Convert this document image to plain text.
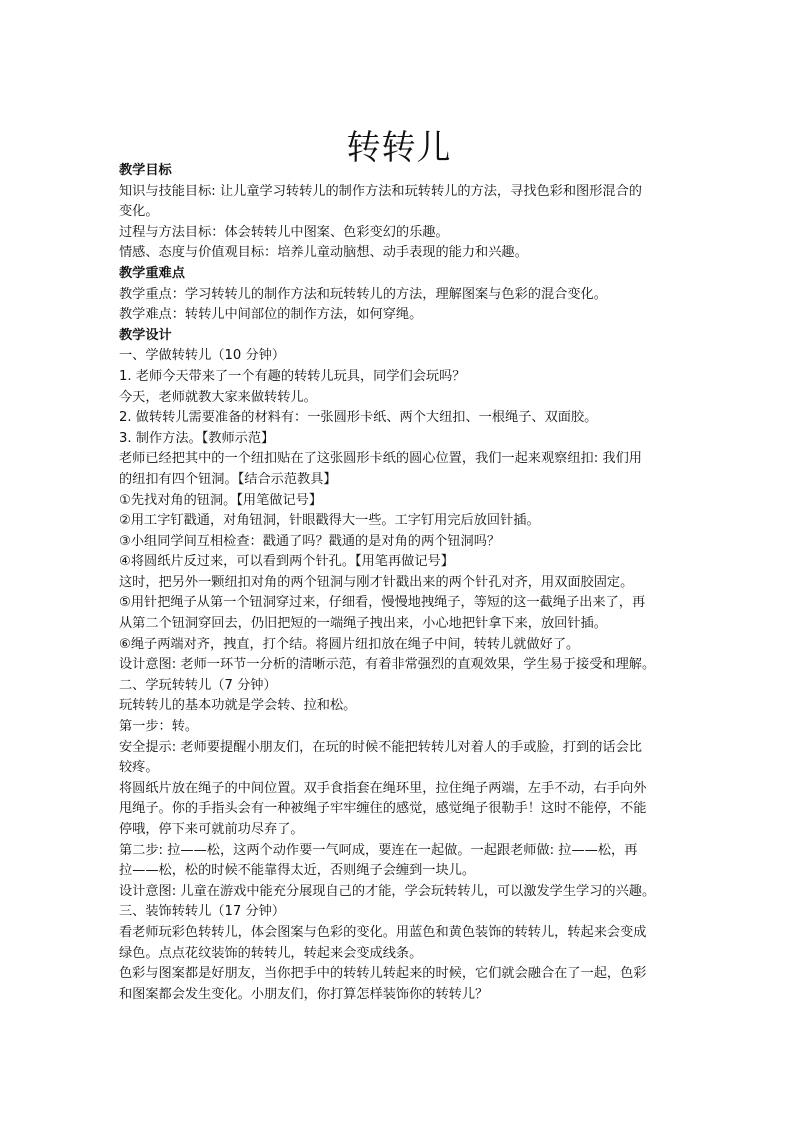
转转儿
教学目标
知识与技能目标: 让儿童学习转转儿的制作方法和玩转转儿的方法，寻找色彩和图形混合的
变化。
过程与方法目标：体会转转儿中图案、色彩变幻的乐趣。
情感、态度与价值观目标：培养儿童动脑想、动手表现的能力和兴趣。
教学重难点
教学重点：学习转转儿的制作方法和玩转转儿的方法，理解图案与色彩的混合变化。
教学难点：转转儿中间部位的制作方法，如何穿绳。
教学设计
一、学做转转儿（10 分钟）
1. 老师今天带来了一个有趣的转转儿玩具，同学们会玩吗？
今天，老师就教大家来做转转儿。
2. 做转转儿需要准备的材料有：一张圆形卡纸、两个大纽扣、一根绳子、双面胶。
3. 制作方法。【教师示范】
老师已经把其中的一个纽扣贴在了这张圆形卡纸的圆心位置，我们一起来观察纽扣: 我们用
的纽扣有四个钮洞。【结合示范教具】
①先找对角的钮洞。【用笔做记号】
②用工字钉戳通，对角钮洞，针眼戳得大一些。工字钉用完后放回针插。
③小组同学间互相检查：戳通了吗？戳通的是对角的两个钮洞吗？
④将圆纸片反过来，可以看到两个针孔。【用笔再做记号】
这时，把另外一颗纽扣对角的两个钮洞与刚才针戳出来的两个针孔对齐，用双面胶固定。
⑤用针把绳子从第一个钮洞穿过来，仔细看，慢慢地拽绳子，等短的这一截绳子出来了，再
从第二个钮洞穿回去，仍旧把短的一端绳子拽出来，小心地把针拿下来，放回针插。
⑥绳子两端对齐，拽直，打个结。将圆片纽扣放在绳子中间，转转儿就做好了。
设计意图: 老师一环节一分析的清晰示范，有着非常强烈的直观效果，学生易于接受和理解。
二、学玩转转儿（7 分钟）
玩转转儿的基本功就是学会转、拉和松。
第一步：转。
安全提示: 老师要提醒小朋友们，在玩的时候不能把转转儿对着人的手或脸，打到的话会比
较疼。
将圆纸片放在绳子的中间位置。双手食指套在绳环里，拉住绳子两端，左手不动，右手向外
甩绳子。你的手指头会有一种被绳子牢牢缠住的感觉，感觉绳子很勒手！这时不能停，不能
停哦，停下来可就前功尽弃了。
第二步: 拉——松，这两个动作要一气呵成，要连在一起做。一起跟老师做: 拉——松，再
拉——松，松的时候不能靠得太近，否则绳子会缠到一块儿。
设计意图: 儿童在游戏中能充分展现自己的才能，学会玩转转儿，可以激发学生学习的兴趣。
三、装饰转转儿（17 分钟）
看老师玩彩色转转儿，体会图案与色彩的变化。用蓝色和黄色装饰的转转儿，转起来会变成
绿色。点点花纹装饰的转转儿，转起来会变成线条。
色彩与图案都是好朋友，当你把手中的转转儿转起来的时候，它们就会融合在了一起，色彩
和图案都会发生变化。小朋友们，你打算怎样装饰你的转转儿？
